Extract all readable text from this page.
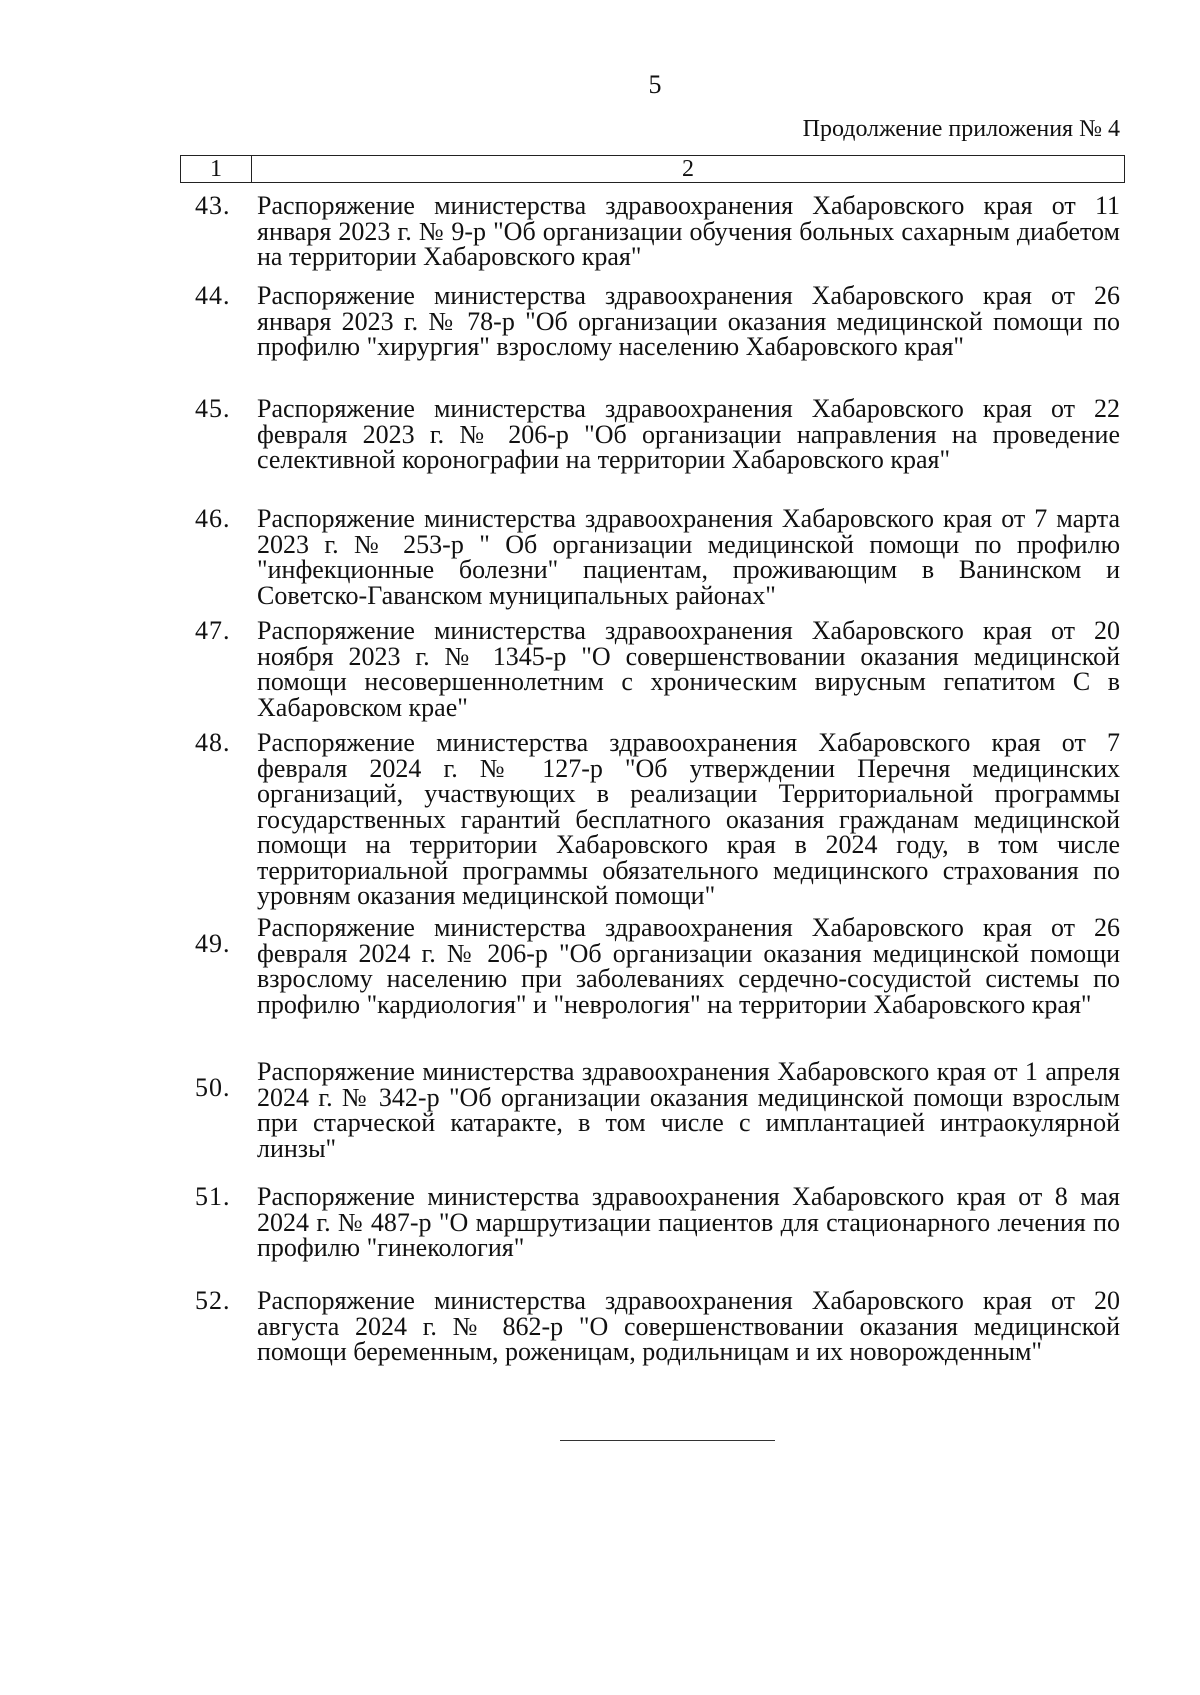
5
Продолжение приложения № 4
1	2
43. Распоряжение министерства здравоохранения Хабаровского края от 11 января 2023 г. № 9-р "Об организации обучения больных сахарным диабетом на территории Хабаровского края"
44. Распоряжение министерства здравоохранения Хабаровского края от 26 января 2023 г. № 78-р "Об организации оказания медицинской помощи по профилю "хирургия" взрослому населению Хабаровского края"
45. Распоряжение министерства здравоохранения Хабаровского края от 22 февраля 2023 г. № 206-р "Об организации направления на проведение селективной коронографии на территории Хабаровского края"
46. Распоряжение министерства здравоохранения Хабаровского края от 7 марта 2023 г. № 253-р " Об организации медицинской помощи по профилю "инфекционные болезни" пациентам, проживающим в Ванинском и Советско-Гаванском муниципальных районах"
47. Распоряжение министерства здравоохранения Хабаровского края от 20 ноября 2023 г. № 1345-р "О совершенствовании оказания медицинской помощи несовершеннолетним с хроническим вирусным гепатитом С в Хабаровском крае"
48. Распоряжение министерства здравоохранения Хабаровского края от 7 февраля 2024 г. № 127-р "Об утверждении Перечня медицинских организаций, участвующих в реализации Территориальной программы государственных гарантий бесплатного оказания гражданам медицинской помощи на территории Хабаровского края в 2024 году, в том числе территориальной программы обязательного медицинского страхования по уровням оказания медицинской помощи"
49.
Распоряжение министерства здравоохранения Хабаровского края от 26 февраля 2024 г. № 206-р "Об организации оказания медицинской помощи взрослому населению при заболеваниях сердечно-сосудистой системы по профилю "кардиология" и "неврология" на территории Хабаровского края"
50.
Распоряжение министерства здравоохранения Хабаровского края от 1 апреля 2024 г. № 342-р "Об организации оказания медицинской помощи взрослым при старческой катаракте, в том числе с имплантацией интраокулярной линзы"
51. Распоряжение министерства здравоохранения Хабаровского края от 8 мая 2024 г. № 487-р "О маршрутизации пациентов для стационарного лечения по профилю "гинекология"
52. Распоряжение министерства здравоохранения Хабаровского края от 20 августа 2024 г. № 862-р "О совершенствовании оказания медицинской помощи беременным, роженицам, родильницам и их новорожденным"
